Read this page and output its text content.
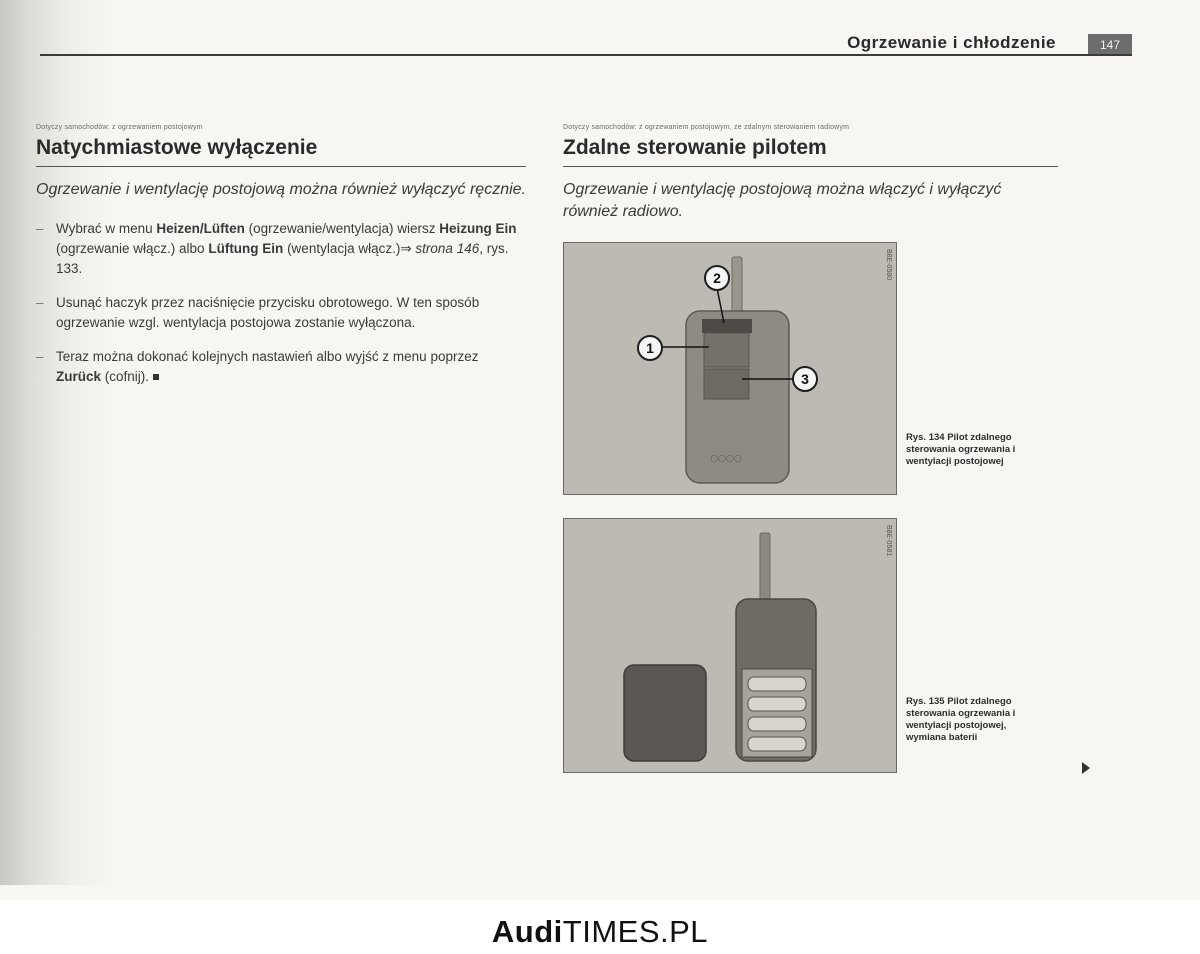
Ogrzewanie i chłodzenie	147
Dotyczy samochodów: z ogrzewaniem postojowym
Natychmiastowe wyłączenie
Ogrzewanie i wentylację postojową można również wyłączyć ręcznie.
– Wybrać w menu Heizen/Lüften (ogrzewanie/wentylacja) wiersz Heizung Ein (ogrzewanie włącz.) albo Lüftung Ein (wentylacja włącz.)⇒ strona 146, rys. 133.
– Usunąć haczyk przez naciśnięcie przycisku obrotowego. W ten sposób ogrzewanie wzgl. wentylacja postojowa zostanie wyłączona.
– Teraz można dokonać kolejnych nastawień albo wyjść z menu poprzez Zurück (cofnij).
Dotyczy samochodów: z ogrzewaniem postojowym, ze zdalnym sterowaniem radiowym
Zdalne sterowanie pilotem
Ogrzewanie i wentylację postojową można włączyć i wyłączyć również radiowo.
B8E-0580
○○○○
1
2
3
Rys. 134 Pilot zdalnego sterowania ogrzewania i wentylacji postojowej
B8E-0581
Rys. 135 Pilot zdalnego sterowania ogrzewania i wentylacji postojowej, wymiana baterii
AudiTIMES.PL
